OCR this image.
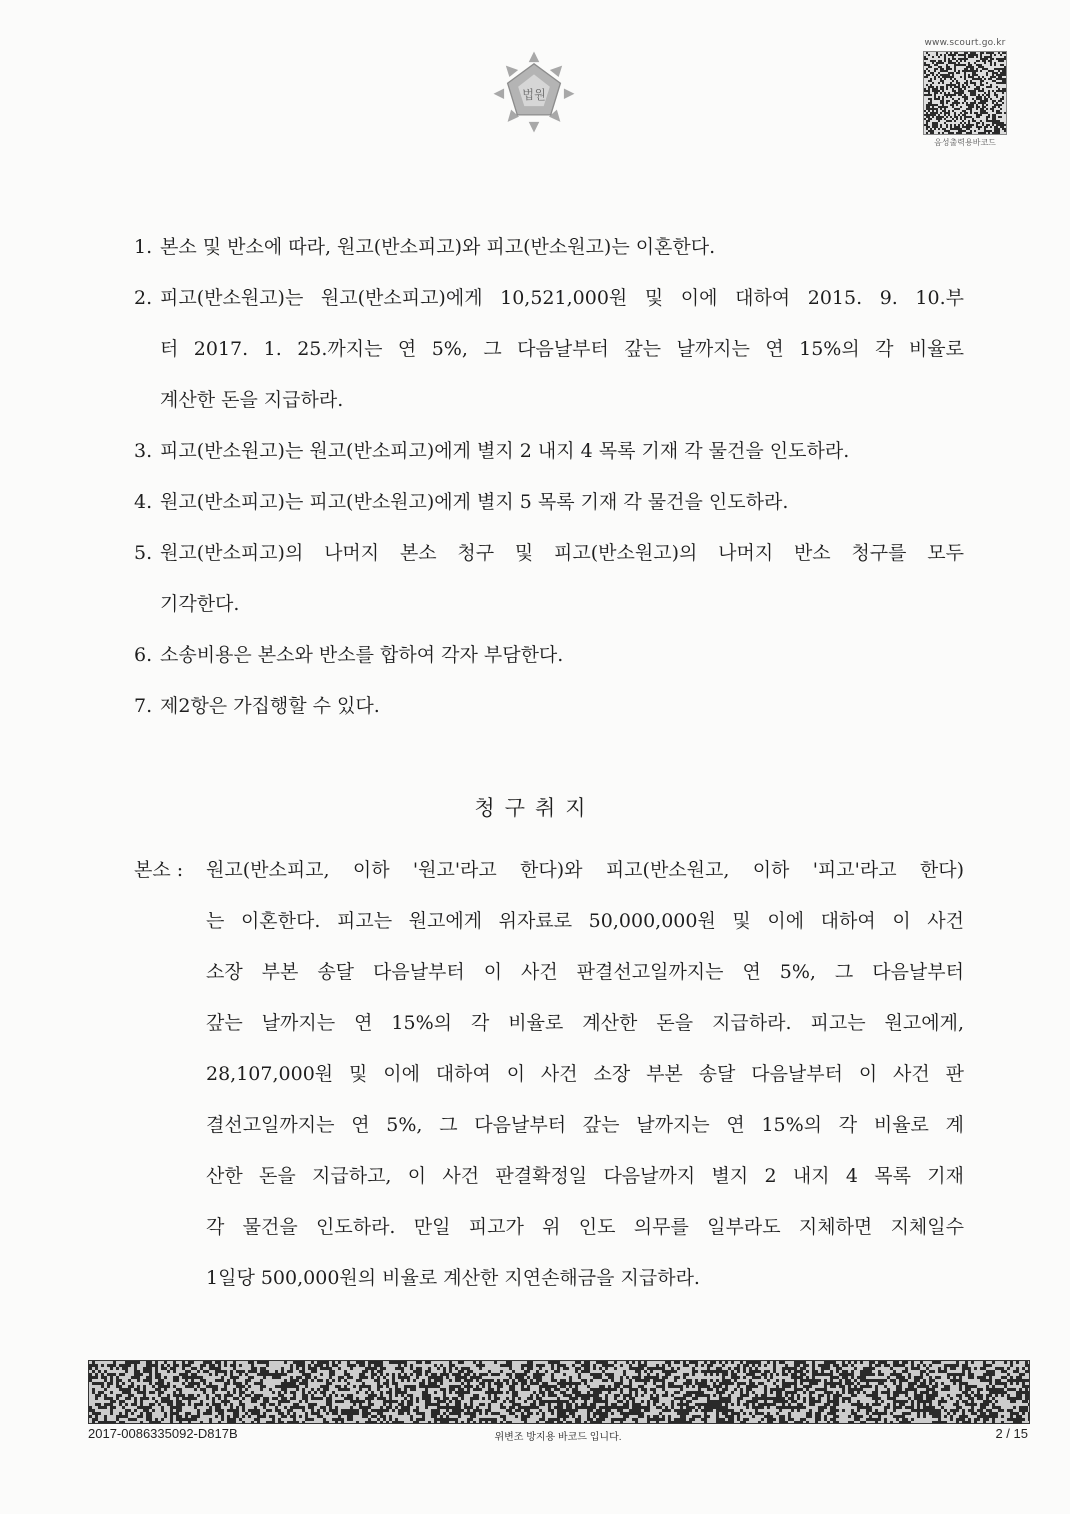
법원
www.scourt.go.kr
음성출력용바코드
1. 본소 및 반소에 따라, 원고(반소피고)와 피고(반소원고)는 이혼한다.
2. 피고(반소원고)는 원고(반소피고)에게 10,521,000원 및 이에 대하여 2015. 9. 10.부
터 2017. 1. 25.까지는 연 5%, 그 다음날부터 갚는 날까지는 연 15%의 각 비율로
계산한 돈을 지급하라.
3. 피고(반소원고)는 원고(반소피고)에게 별지 2 내지 4 목록 기재 각 물건을 인도하라.
4. 원고(반소피고)는 피고(반소원고)에게 별지 5 목록 기재 각 물건을 인도하라.
5. 원고(반소피고)의 나머지 본소 청구 및 피고(반소원고)의 나머지 반소 청구를 모두
기각한다.
6. 소송비용은 본소와 반소를 합하여 각자 부담한다.
7. 제2항은 가집행할 수 있다.
청구취지
본소 :	원고(반소피고, 이하 '원고'라고 한다)와 피고(반소원고, 이하 '피고'라고 한다)
는 이혼한다. 피고는 원고에게 위자료로 50,000,000원 및 이에 대하여 이 사건
소장 부본 송달 다음날부터 이 사건 판결선고일까지는 연 5%, 그 다음날부터
갚는 날까지는 연 15%의 각 비율로 계산한 돈을 지급하라. 피고는 원고에게,
28,107,000원 및 이에 대하여 이 사건 소장 부본 송달 다음날부터 이 사건 판
결선고일까지는 연 5%, 그 다음날부터 갚는 날까지는 연 15%의 각 비율로 계
산한 돈을 지급하고, 이 사건 판결확정일 다음날까지 별지 2 내지 4 목록 기재
각 물건을 인도하라. 만일 피고가 위 인도 의무를 일부라도 지체하면 지체일수
1일당 500,000원의 비율로 계산한 지연손해금을 지급하라.
2017-0086335092-D817B	위변조 방지용 바코드 입니다.	2 / 15
